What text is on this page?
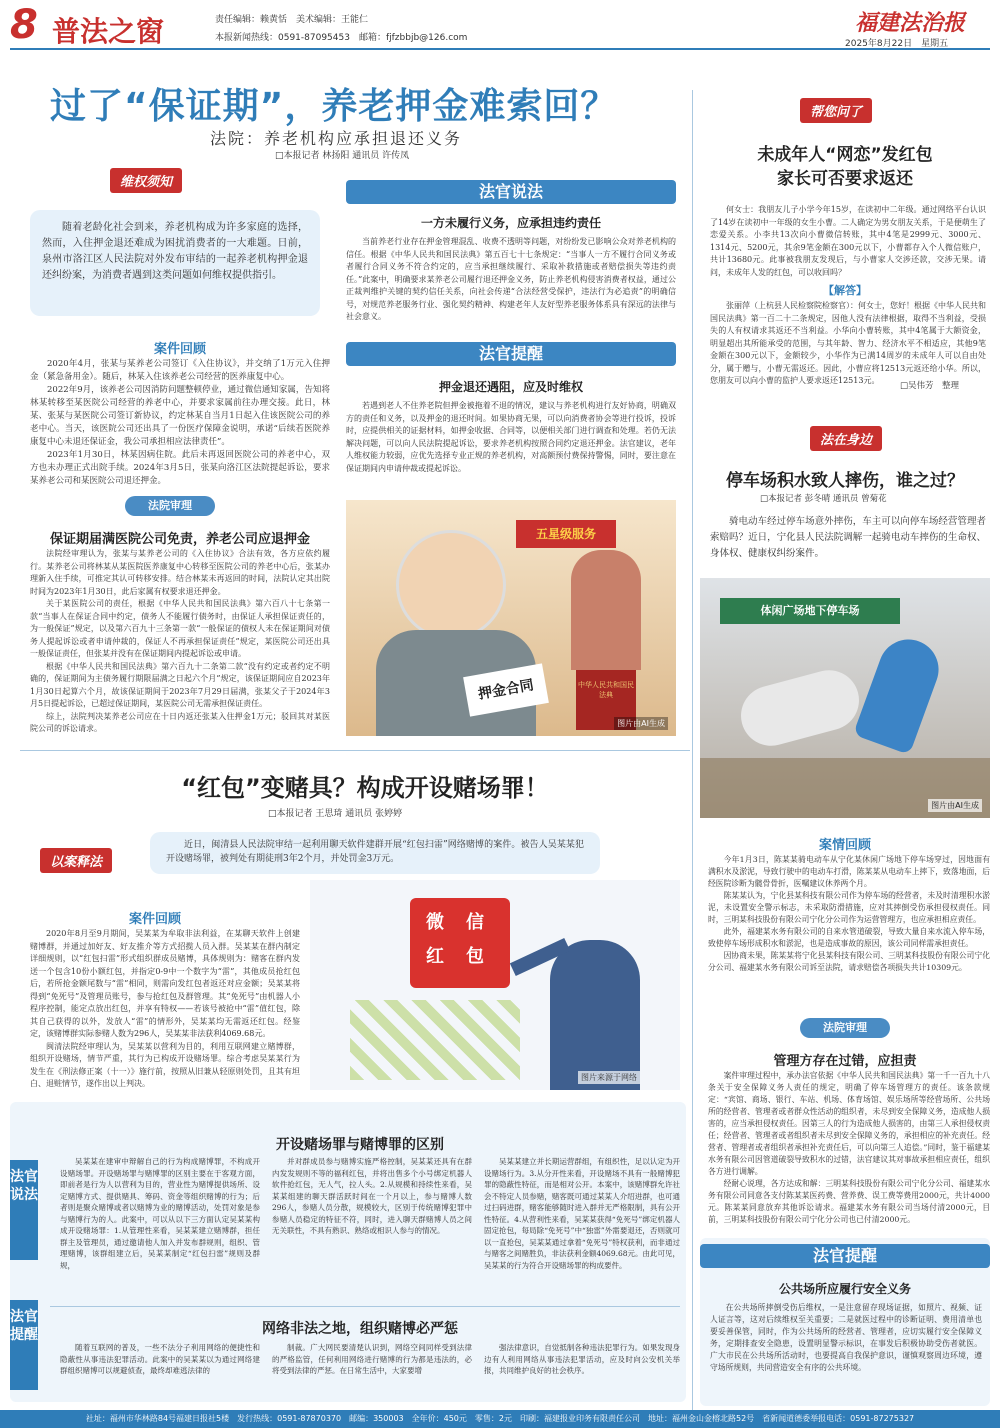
8 普法之窗	责任编辑：赖黄恬　美术编辑：王能仁
本报新闻热线：0591-87095453　邮箱：fjfzbbjb@126.com
福建法治报
2025年8月22日　星期五
过了“保证期”，养老押金难索回？
法院：养老机构应承担退还义务
□本报记者 林扬阳 通讯员 许传凤
维权须知

随着老龄化社会到来，养老机构成为许多家庭的选择，然而，入住押金退还难成为困扰消费者的一大难题。日前，泉州市洛江区人民法院对外发布审结的一起养老机构押金退还纠纷案，为消费者遇到这类问题如何维权提供指引。

案件回顾

2020年4月，张某与某养老公司签订《入住协议》，并交纳了1万元入住押金（紧急备用金）。随后，林某入住该养老公司经营的医养康复中心。

2022年9月，该养老公司因消防问题整顿停业，通过微信通知家属，告知将林某转移至某医院公司经营的养老中心，并要求家属前往办理交接。此日，林某、张某与某医院公司签订新协议，约定林某自当月1日起入住该医院公司的养老中心。当天，该医院公司还出具了一份医疗保障金说明，承诺“后续若医院养康复中心未退还保证金，我公司承担相应法律责任”。

2023年1月30日，林某因病住院。此后未再返回医院公司的养老中心，双方也未办理正式出院手续。2024年3月5日，张某向洛江区法院提起诉讼，要求某养老公司和某医院公司退还押金。

法院审理
保证期届满医院公司免责，养老公司应退押金

法院经审理认为，张某与某养老公司的《入住协议》合法有效，各方应依约履行。某养老公司将林某从某医院医养康复中心转移至医院公司的养老中心后，张某办理新入住手续，可推定其认可转移安排。结合林某未再返回的时间，法院认定其出院时间为2023年1月30日，此后家属有权要求退还押金。

关于某医院公司的责任，根据《中华人民共和国民法典》第六百八十七条第一款“当事人在保证合同中约定，债务人不能履行债务时，由保证人承担保证责任的，为一般保证”规定，以及第六百九十三条第一款“一般保证的债权人未在保证期间对债务人提起诉讼或者申请仲裁的，保证人不再承担保证责任”规定，某医院公司还出具一般保证责任，但张某并没有在保证期间内提起诉讼或申请。

根据《中华人民共和国民法典》第六百九十二条第二款“没有约定或者约定不明确的，保证期间为主债务履行期限届满之日起六个月”规定，该保证期间应自2023年1月30日起算六个月，故该保证期间于2023年7月29日届满，张某父子于2024年3月5日提起诉讼，已超过保证期间，某医院公司无需承担保证责任。

综上，法院判决某养老公司应在十日内返还张某入住押金1万元；驳回其对某医院公司的诉讼请求。

法官说法
一方未履行义务，应承担违约责任

当前养老行业存在押金管理混乱、收费不透明等问题，对纷纷发已影响公众对养老机构的信任。根据《中华人民共和国民法典》第五百七十七条规定：“当事人一方不履行合同义务或者履行合同义务不符合约定的，应当承担继续履行、采取补救措施或者赔偿损失等违约责任。”此案中，明确要求某养老公司履行退还押金义务，防止养老机构侵害消费者权益，通过公正裁判维护关键的契约信任关系，向社会传递“合法经营受保护，违法行为必追责”的明确信号，对规范养老服务行业、强化契约精神、构建老年人友好型养老服务体系具有深远的法律与社会意义。

法官提醒
押金退还遇阻，应及时维权

若遇到老人不住养老院但押金被拖着不退的情况，建议与养老机构进行友好协商，明确双方的责任和义务，以及押金的退还时间。如果协商无果，可以向消费者协会等进行投诉，投诉时，应提供相关的证据材料，如押金收据、合同等，以便相关部门进行调查和处理。若仍无法解决问题，可以向人民法院提起诉讼，要求养老机构按照合同约定退还押金。法官建议，老年人维权能力较弱，应优先选择专业正规的养老机构，对高额预付费保持警惕，同时，要注意在保证期间内申请仲裁或提起诉讼。

五星级服务
押金合同	中华人民共和国民法典
图片由AI生成
“红包”变赌具？构成开设赌场罪！
□本报记者 王思琦 通讯员 张婷婷
以案释法

近日，闽清县人民法院审结一起利用聊天软件建群开展“红包扫雷”网络赌博的案件。被告人吴某某犯开设赌场罪，被判处有期徒刑3年2个月，并处罚金3万元。

案件回顾

2020年8月至9月期间，吴某某为牟取非法利益，在某聊天软件上创建赌博群，并通过加好友、好友推介等方式招揽人员入群。吴某某在群内制定详细规则，以“红包扫雷”形式组织群成员赌博，具体规则为：赌客在群内发送一个包含10份小额红包，并指定0-9中一个数字为“雷”，其他成员抢红包后，若所抢金额尾数与“雷”相同，则需向发红包者返还对应金额；吴某某将得到“免死号”及管理员账号，参与抢红包及群管理。其“免死号”由机器人小程序控制，能定点放出红包，并享有特权——若该号被抢中“雷”值红包，除其自己获得的以外，发放人“雷”的情形外，吴某某均无需返还红包。经鉴定，该赌博群实际参赌人数为296人，吴某某非法获利4069.68元。

闽清法院经审理认为，吴某某以营利为目的，利用互联网建立赌博群，组织开设赌场，情节严重，其行为已构成开设赌场罪。综合考虑吴某某行为发生在《刑法修正案（十一）》施行前，按照从旧兼从轻原则处罚，且其有坦白、退赃情节，遂作出以上判决。

微 信
红 包
图片来源于网络
法官说法
法官提醒
开设赌场罪与赌博罪的区别

吴某某在建审中辩解自己的行为构成赌博罪，不构成开设赌场罪。开设赌场罪与赌博罪的区别主要在于客观方面，即前者是行为人以营利为目的，营业性为赌博提供场所、设定赌博方式、提供赌具、筹码、资金等组织赌博的行为；后者则是聚众赌博或者以赌博为业的赌博活动，处罚对象是参与赌博行为的人。此案中，可以从以下三方面认定吴某某构成开设赌场罪：1.从管理性来看，吴某某建立赌博群，担任群主及管理员，通过邀请他人加入并发布群规则，组织、管理赌博，该群组建立后，吴某某制定“红包扫雷”规则及群规，

并对群成员参与赌博实施严格控制，吴某某还具有在群内发发规则不等的福利红包，并将出售多个小号绑定机器人软件抢红包，无人气，拉人头。2.从规模和持续性来看，吴某某组建的聊天群活跃时间在一个月以上，参与赌博人数296人，参赌人员分散，规模较大，区别于传统赌博犯罪中参赌人员稳定的特征不符，同时，进入聊天群赌博人员之间无关联性，不具有熟识、熟络或相识人参与的情况。

吴某某建立并长期运营群组，有组织性，足以认定为开设赌场行为。3.从分开性来看，开设赌场不具有一般赌博犯罪的隐蔽性特征，而是相对公开。本案中，该赌博群允许社会不特定人员参赌，赌客既可通过某某人介绍进群，也可通过扫码进群，赌客能够随时进入群并无严格限制，具有公开性特征。4.从营利性来看，吴某某获得“免死号”绑定机器人固定抢包，每局除“免死号”中“独雷”外需要退还，否则就可以一直抢包，吴某某通过拿着“免死号”特权获利，而非通过与赌客之间赌胜负，非法获利金额4069.68元。由此可见，吴某某的行为符合开设赌场罪的构成要件。

网络非法之地，组织赌博必严惩

随着互联网的普及，一些不法分子利用网络的便捷性和隐蔽性从事违法犯罪活动。此案中的吴某某以为通过网络建群组织赌博可以规避侦查，最终却难逃法律的

制裁。广大网民要清楚认识到，网络空间同样受到法律的严格监管，任何利用网络进行赌博的行为都是违法的，必将受到法律的严惩。在日常生活中，大家要增

强法律意识，自觉抵制各种违法犯罪行为。如果发现身边有人利用网络从事违法犯罪活动，应及时向公安机关举报，共同维护良好的社会秩序。

帮您问了
未成年人“网恋”发红包
家长可否要求返还

何女士：我朋友儿子小学今年15岁，在读初中二年级。通过网络平台认识了14岁在读初中一年级的女生小曹。二人确定为男女朋友关系，于是便萌生了恋爱关系。小李共13次向小曹微信转账，其中4笔是2999元、3000元、1314元、5200元，其余9笔金额在300元以下，小曹都存入个人微信账户，共计13680元。此事被我朋友发现后，与小曹家人交涉还款，交涉无果。请问，未成年人发的红包，可以收回吗？

【解答】

张丽萍（上杭县人民检察院检察官）：何女士，您好！根据《中华人民共和国民法典》第一百二十二条规定，因他人没有法律根据，取得不当利益，受损失的人有权请求其返还不当利益。小华向小曹转账，其中4笔属于大额资金，明显超出其所能承受的范围，与其年龄、智力、经济水平不相适应，其他9笔金额在300元以下，金额较少，小华作为已满14周岁的未成年人可以自由处分，属于赠与，小曹无需返还。因此，小曹应将12513元返还给小华。所以，您朋友可以向小曹的监护人要求返还12513元。

□吴伟芳　整理
法在身边
停车场积水致人摔伤，谁之过？
□本报记者 彭冬晴 通讯员 曾菊花

骑电动车经过停车场意外摔伤，车主可以向停车场经营管理者索赔吗？近日，宁化县人民法院调解一起骑电动车摔伤的生命权、身体权、健康权纠纷案件。

体闲广场地下停车场
图片由AI生成
案情回顾

今年1月3日，陈某某骑电动车从宁化某休闲广场地下停车场穿过，因地面有满积水及淤泥，导致行驶中的电动车打滑，陈某某从电动车上摔下，致落地面，后经医院诊断为髋骨骨折，医嘱建议休养两个月。

陈某某认为，宁化县某科技有限公司作为停车场的经营者，未及时清理积水淤泥，未设置安全警示标志，未采取防滑措施，应对其摔倒受伤承担侵权责任。同时，三明某科技股份有限公司宁化分公司作为运营管理方，也应承担相应责任。

此外，福建某水务有限公司的自来水管道破裂，导致大量自来水流入停车场，致使停车场形成积水和淤泥，也是造成事故的原因，该公司同样需承担责任。

因协商未果，陈某某将宁化县某科技有限公司、三明某科技股份有限公司宁化分公司、福建某水务有限公司诉至法院，请求赔偿各项损失共计10309元。

法院审理
管理方存在过错，应担责

案件审理过程中，承办法官依据《中华人民共和国民法典》第一千一百九十八条关于安全保障义务人责任的规定，明确了停车场管理方的责任。该条款规定：“宾馆、商场、银行、车站、机场、体育场馆、娱乐场所等经营场所、公共场所的经营者、管理者或者群众性活动的组织者，未尽到安全保障义务，造成他人损害的，应当承担侵权责任。因第三人的行为造成他人损害的，由第三人承担侵权责任；经营者、管理者或者组织者未尽到安全保障义务的，承担相应的补充责任。经营者、管理者或者组织者承担补充责任后，可以向第三人追偿。”同时，鉴于福建某水务有限公司因管道破裂导致积水的过错，法官建议其对事故承担相应责任，组织各方进行调解。

经耐心说理，各方达成和解：三明某科技股份有限公司宁化分公司、福建某水务有限公司同意各支付陈某某医药费、营养费、误工费等费用2000元，共计4000元。陈某某同意放弃其他诉讼请求。福建某水务有限公司当场付清2000元，目前，三明某科技股份有限公司宁化分公司也已付清2000元。

法官提醒
公共场所应履行安全义务

在公共场所摔倒受伤后维权，一是注意留存现场证据，如照片、视频、证人证言等，这对后续维权至关重要；二是就医过程中的诊断证明、费用清单也要妥善保管，同时，作为公共场所的经营者、管理者，应切实履行安全保障义务，定期排查安全隐患，设置明显警示标识，在事发后积极协助受伤者就医。广大市民在公共场所活动时，也要提高自我保护意识，谨慎观察周边环境，遵守场所规则，共同营造安全有序的公共环境。

社址：福州市华林路84号福建日报社5楼　发行热线：0591-87870370　邮编：350003　全年价：450元　零售：2元　印刷：福建报业印务有限责任公司　地址：福州金山金榕北路52号　省新闻道德委举报电话：0591-87275327
